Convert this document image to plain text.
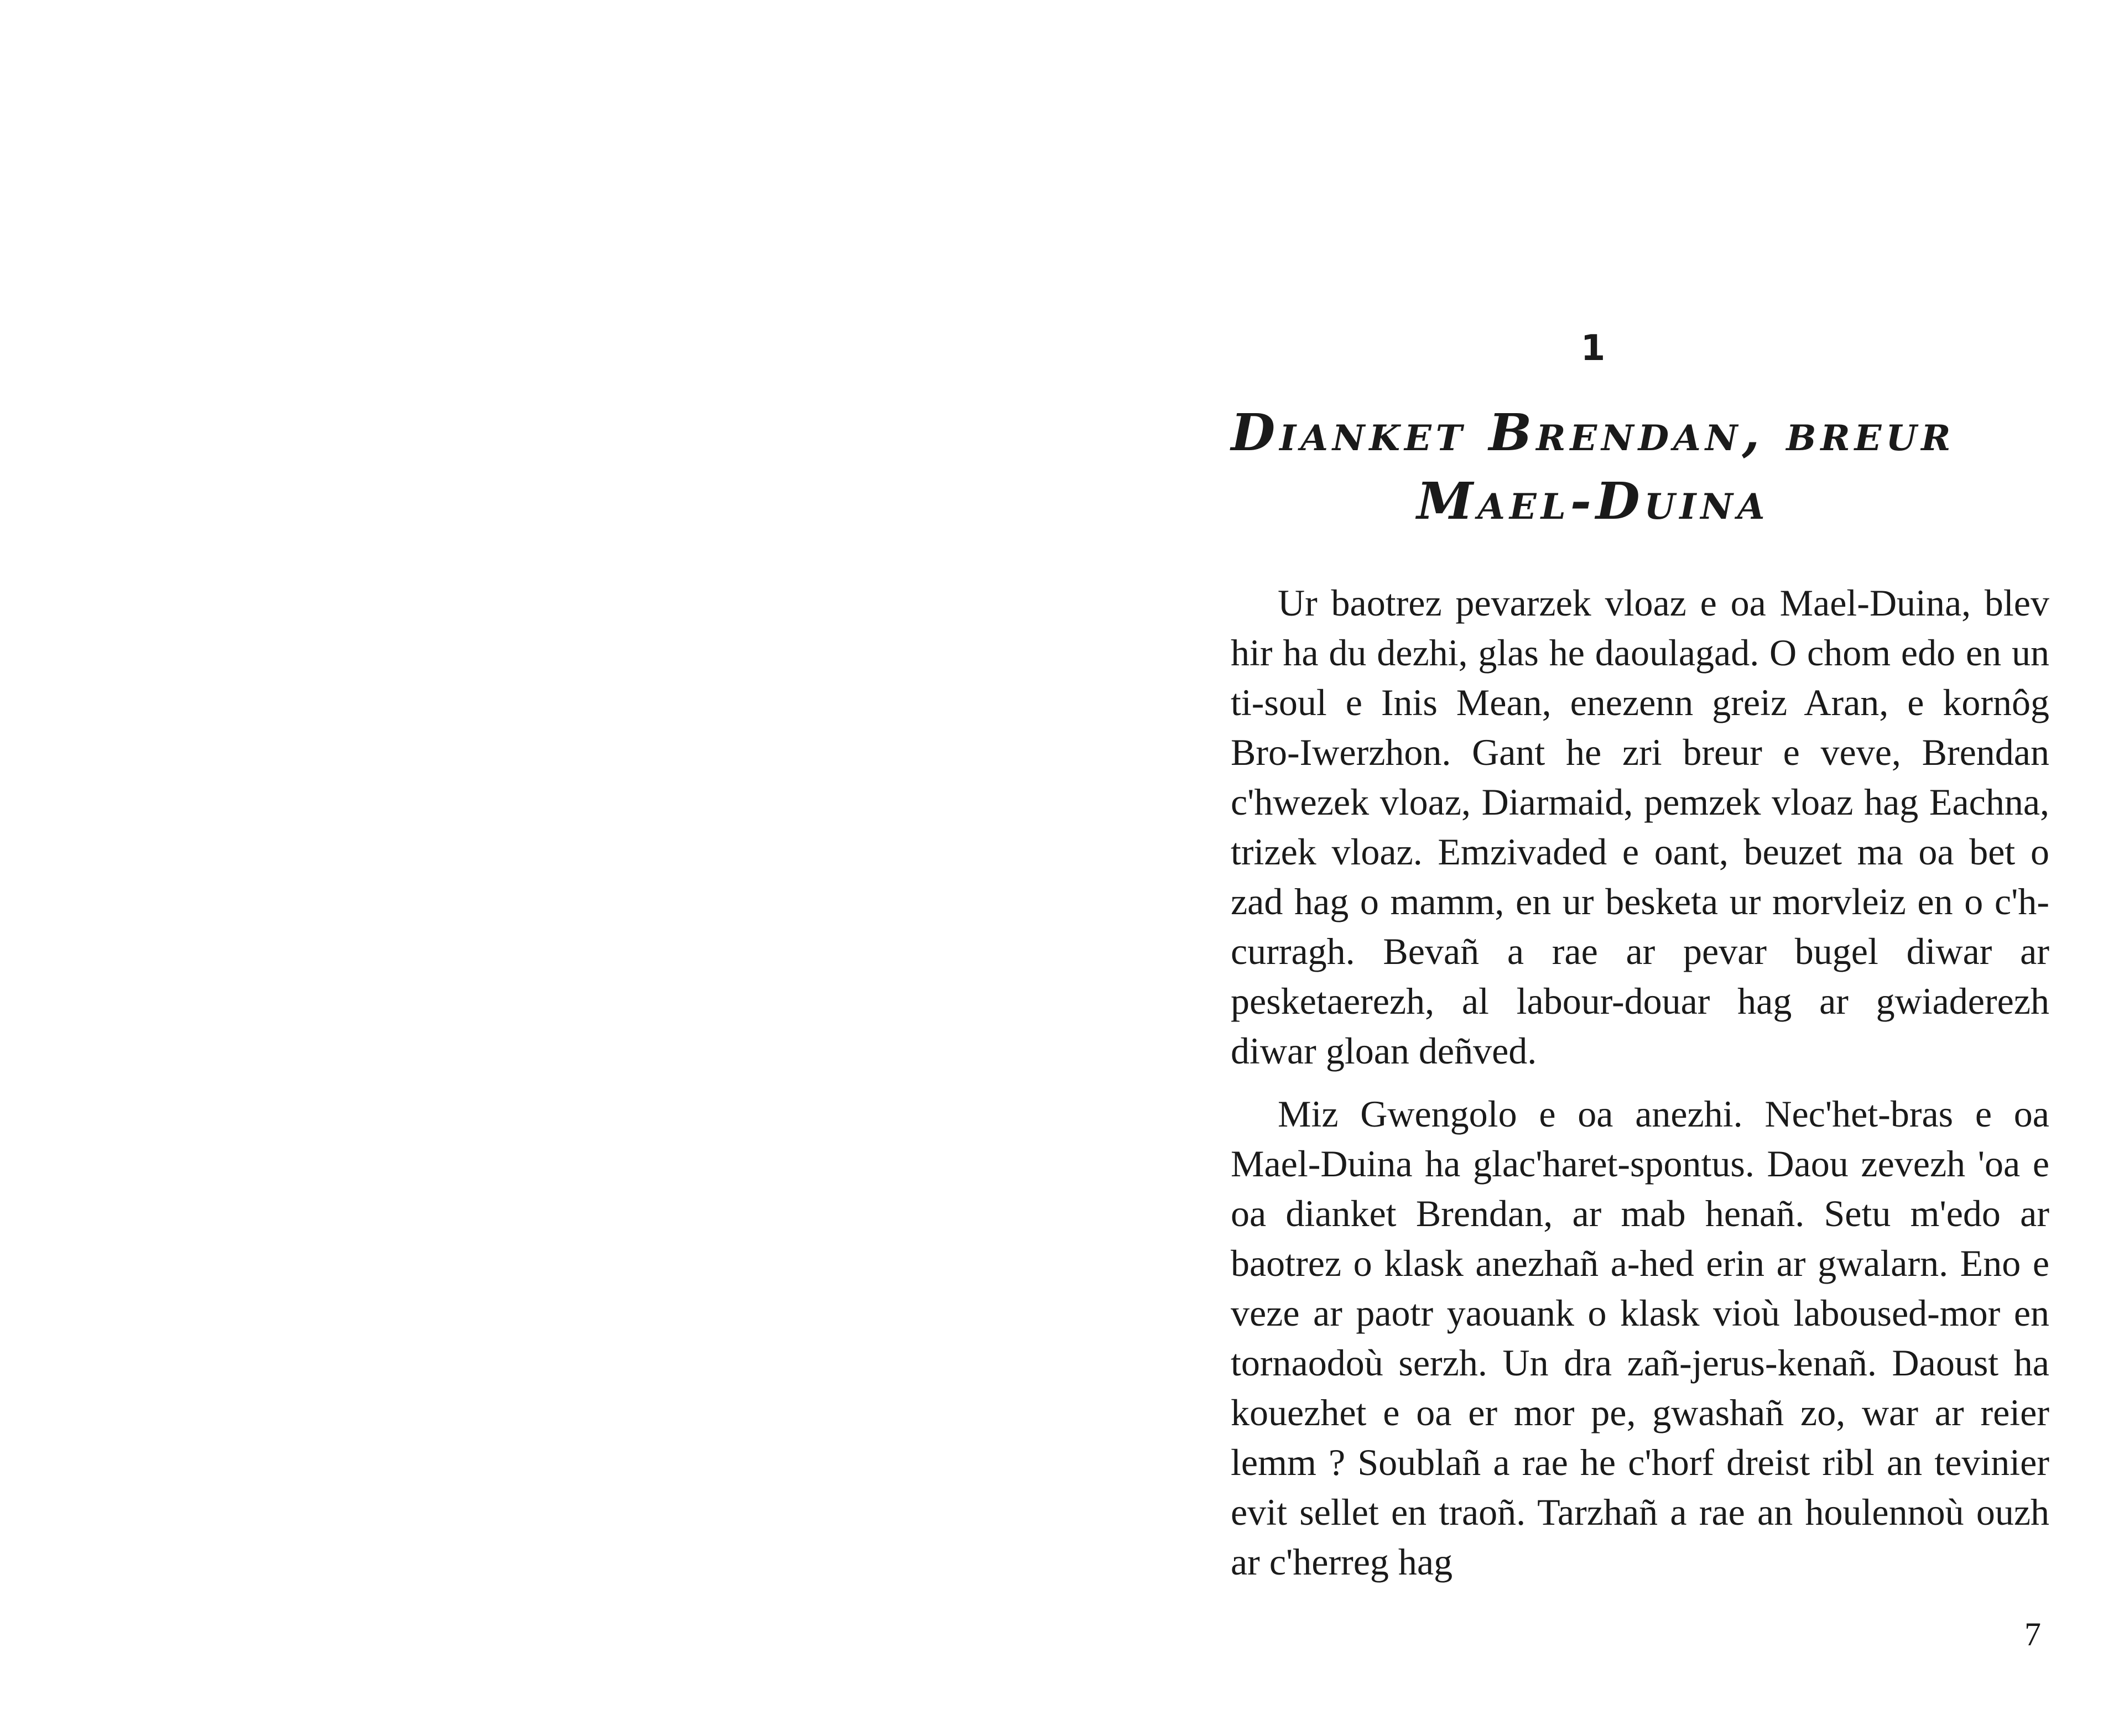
1
Dianket Brendan, breur Mael-Duina

Ur baotrez pevarzek vloaz e oa Mael-Duina, blev hir ha du dezhi, glas he daoulagad. O chom edo en un ti-soul e Inis Mean, enezenn greiz Aran, e kornôg Bro-Iwerzhon. Gant he zri breur e veve, Brendan c'hwezek vloaz, Diarmaid, pemzek vloaz hag Eachna, trizek vloaz. Emzivaded e oant, beuzet ma oa bet o zad hag o mamm, en ur besketa ur morvleiz en o c'h-curragh. Bevañ a rae ar pevar bugel diwar ar pesketaerezh, al labour-douar hag ar gwiaderezh diwar gloan deñved.

Miz Gwengolo e oa anezhi. Nec'het-bras e oa Mael-Duina ha glac'haret-spontus. Daou zevezh 'oa e oa dianket Brendan, ar mab henañ. Setu m'edo ar baotrez o klask anezhañ a-hed erin ar gwalarn. Eno e veze ar paotr yaouank o klask vioù laboused-mor en tornaodoù serzh. Un dra zañ-jerus-kenañ. Daoust ha kouezhet e oa er mor pe, gwashañ zo, war ar reier lemm ? Soublañ a rae he c'horf dreist ribl an tevinier evit sellet en traoñ. Tarzhañ a rae an houlennoù ouzh ar c'herreg hag

7
